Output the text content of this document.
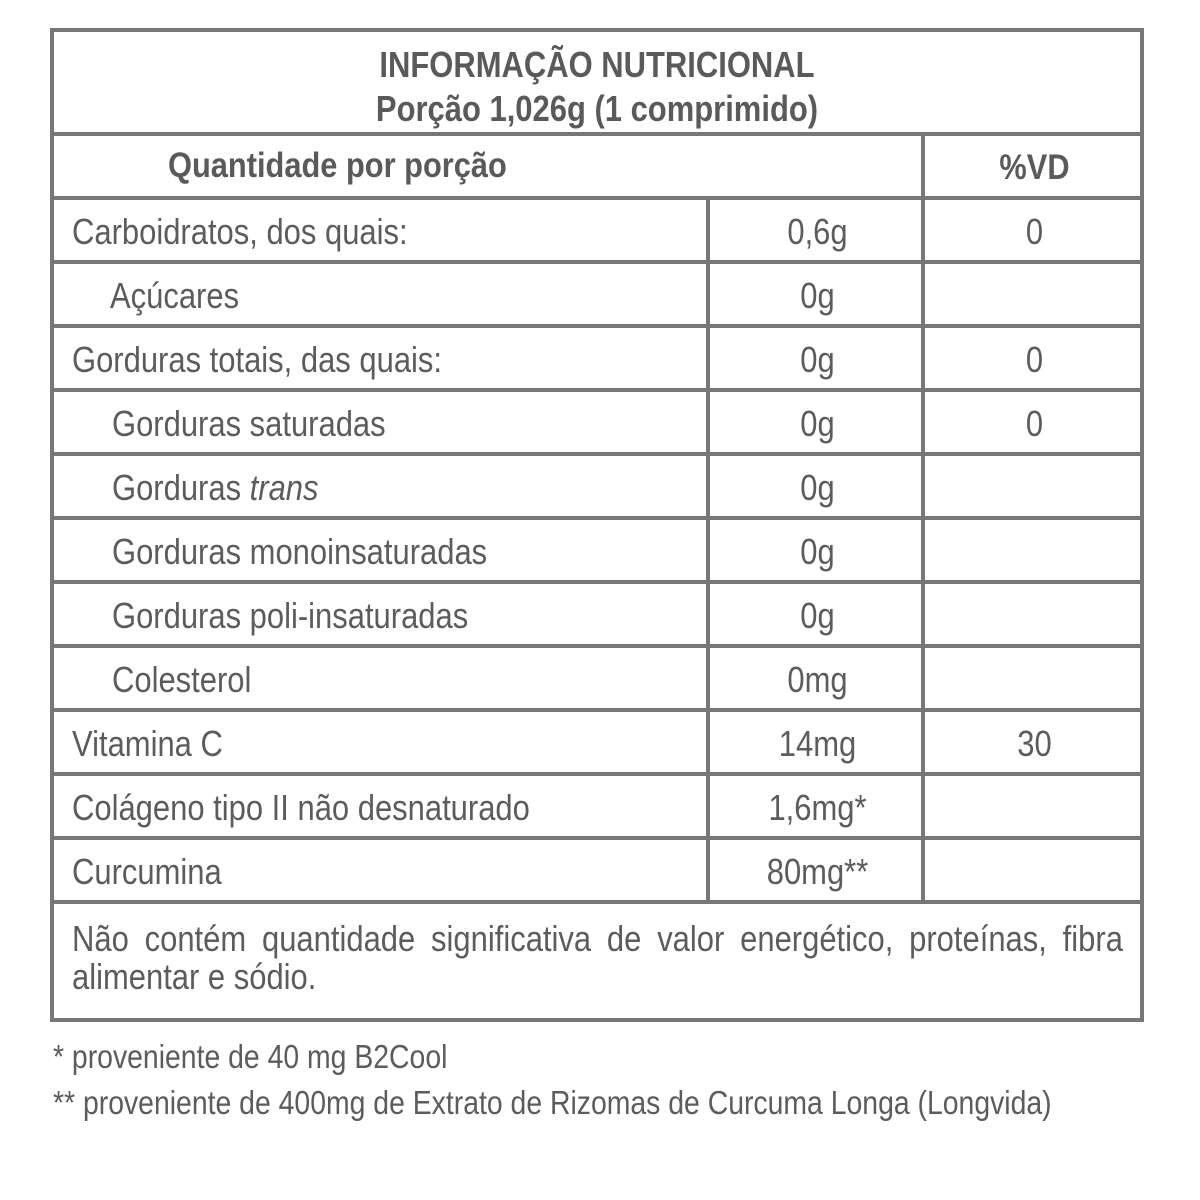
INFORMAÇÃO NUTRICIONAL
Porção 1,026g (1 comprimido)
Quantidade por porção	%VD
Carboidratos, dos quais:	0,6g	0
Açúcares	0g
Gorduras totais, das quais:	0g	0
Gorduras saturadas	0g	0
Gorduras trans	0g
Gorduras monoinsaturadas	0g
Gorduras poli-insaturadas	0g
Colesterol	0mg
Vitamina C	14mg	30
Colágeno tipo II não desnaturado	1,6mg*
Curcumina	80mg**
Não contém quantidade significativa de valor energético, proteínas, fibra alimentar e sódio.
* proveniente de 40 mg B2Cool
** proveniente de 400mg de Extrato de Rizomas de Curcuma Longa (Longvida)
